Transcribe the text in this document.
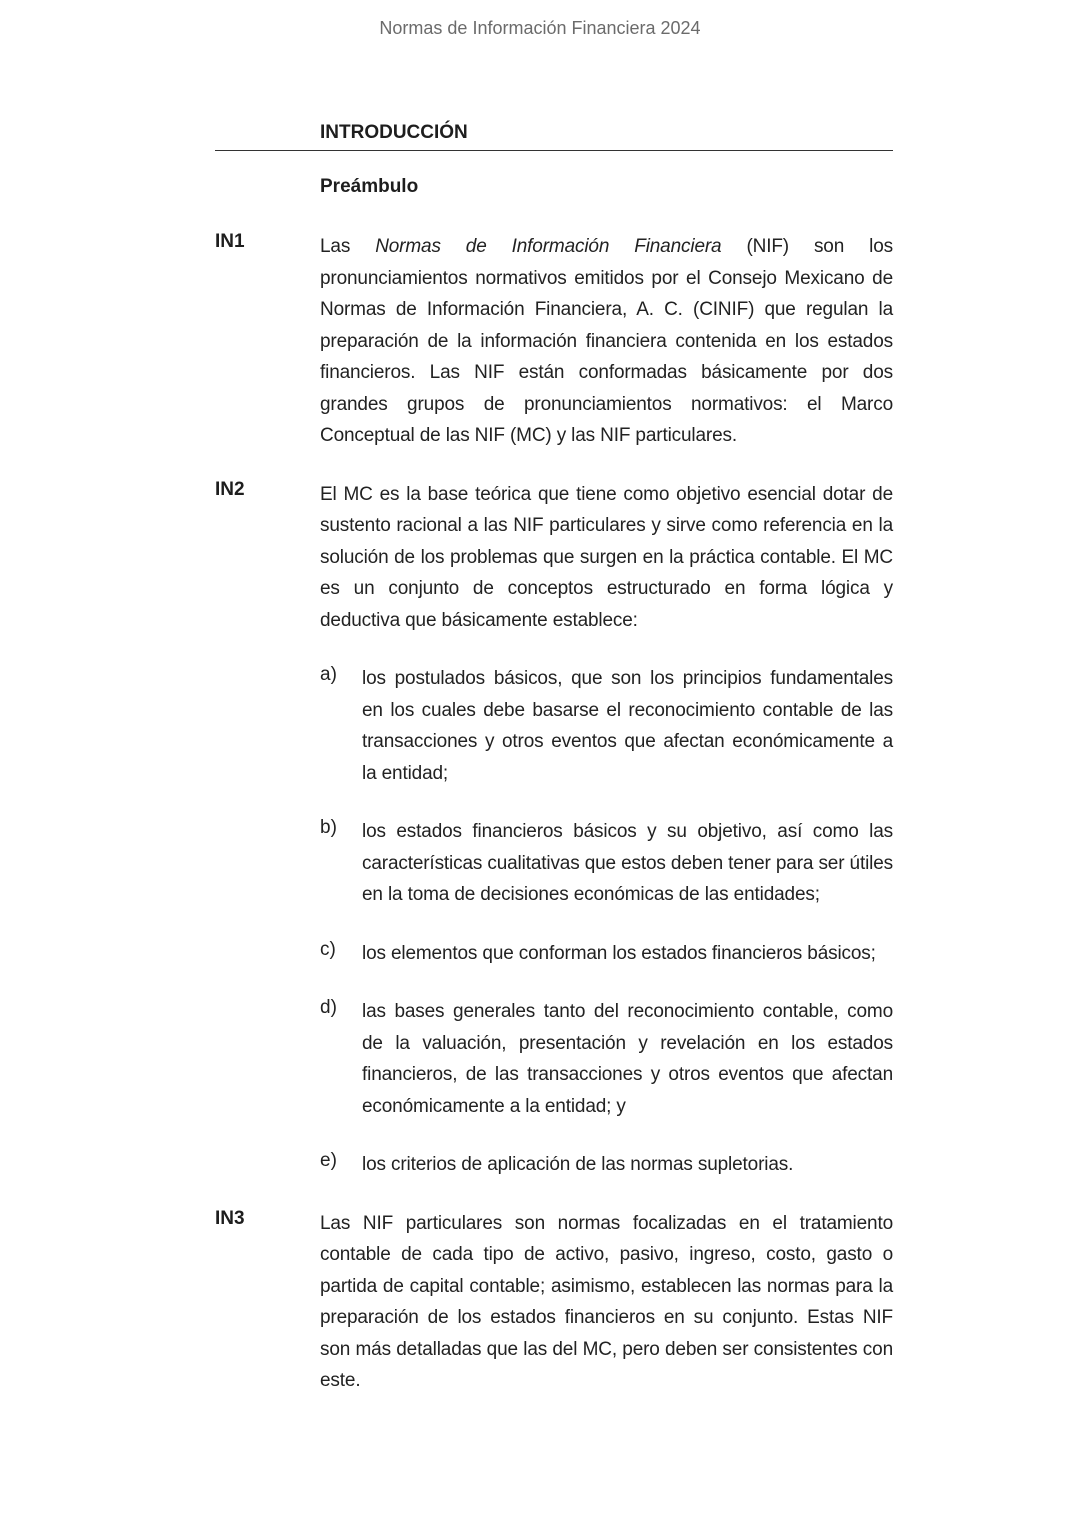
Normas de Información Financiera 2024
INTRODUCCIÓN
Preámbulo
IN1	Las Normas de Información Financiera (NIF) son los pronunciamientos normativos emitidos por el Consejo Mexicano de Normas de Información Financiera, A. C. (CINIF) que regulan la preparación de la información financiera contenida en los estados financieros. Las NIF están conformadas básicamente por dos grandes grupos de pronunciamientos normativos: el Marco Conceptual de las NIF (MC) y las NIF particulares.
IN2	El MC es la base teórica que tiene como objetivo esencial dotar de sustento racional a las NIF particulares y sirve como referencia en la solución de los problemas que surgen en la práctica contable. El MC es un conjunto de conceptos estructurado en forma lógica y deductiva que básicamente establece:
a) los postulados básicos, que son los principios fundamentales en los cuales debe basarse el reconocimiento contable de las transacciones y otros eventos que afectan económicamente a la entidad;
b) los estados financieros básicos y su objetivo, así como las características cualitativas que estos deben tener para ser útiles en la toma de decisiones económicas de las entidades;
c) los elementos que conforman los estados financieros básicos;
d) las bases generales tanto del reconocimiento contable, como de la valuación, presentación y revelación en los estados financieros, de las transacciones y otros eventos que afectan económicamente a la entidad; y
e) los criterios de aplicación de las normas supletorias.
IN3	Las NIF particulares son normas focalizadas en el tratamiento contable de cada tipo de activo, pasivo, ingreso, costo, gasto o partida de capital contable; asimismo, establecen las normas para la preparación de los estados financieros en su conjunto. Estas NIF son más detalladas que las del MC, pero deben ser consistentes con este.
